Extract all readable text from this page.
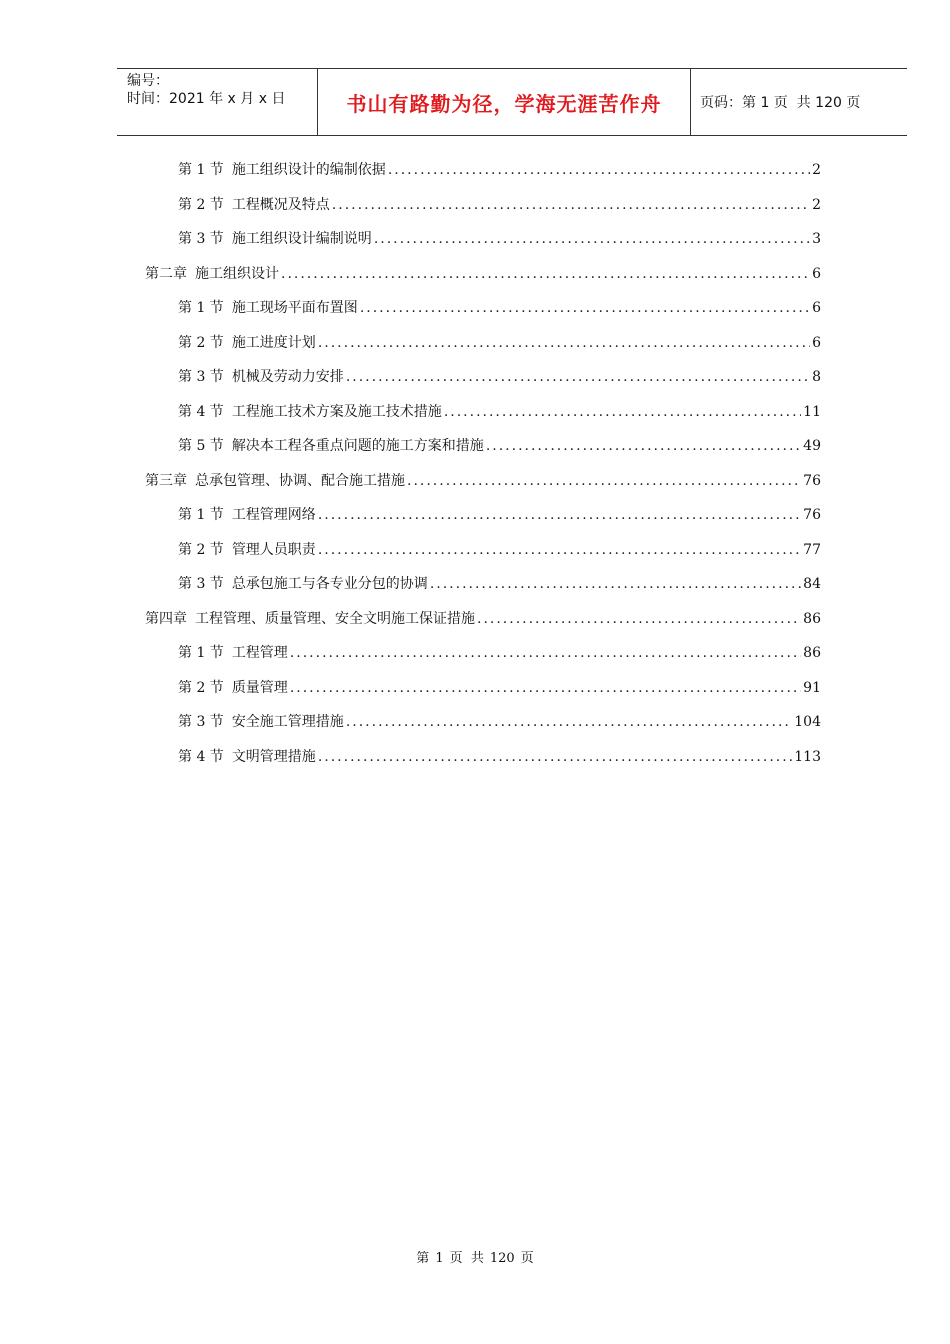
编号：
时间：2021 年 x 月 x 日	书山有路勤为径，学海无涯苦作舟	页码：第 1 页  共 120 页
第 1 节 施工组织设计的编制依据 .....	2
第 2 节 工程概况及特点 .....	2
第 3 节 施工组织设计编制说明 .....	3
第二章 施工组织设计 .....	6
第 1 节 施工现场平面布置图 .....	6
第 2 节 施工进度计划 .....	6
第 3 节 机械及劳动力安排 .....	8
第 4 节 工程施工技术方案及施工技术措施 .....	11
第 5 节 解决本工程各重点问题的施工方案和措施 .....	49
第三章 总承包管理、协调、配合施工措施 .....	76
第 1 节 工程管理网络 .....	76
第 2 节 管理人员职责 .....	77
第 3 节 总承包施工与各专业分包的协调 .....	84
第四章 工程管理、质量管理、安全文明施工保证措施 .....	86
第 1 节 工程管理 .....	86
第 2 节 质量管理 .....	91
第 3 节 安全施工管理措施 .....	104
第 4 节 文明管理措施 .....	113
第 1 页  共 120 页
